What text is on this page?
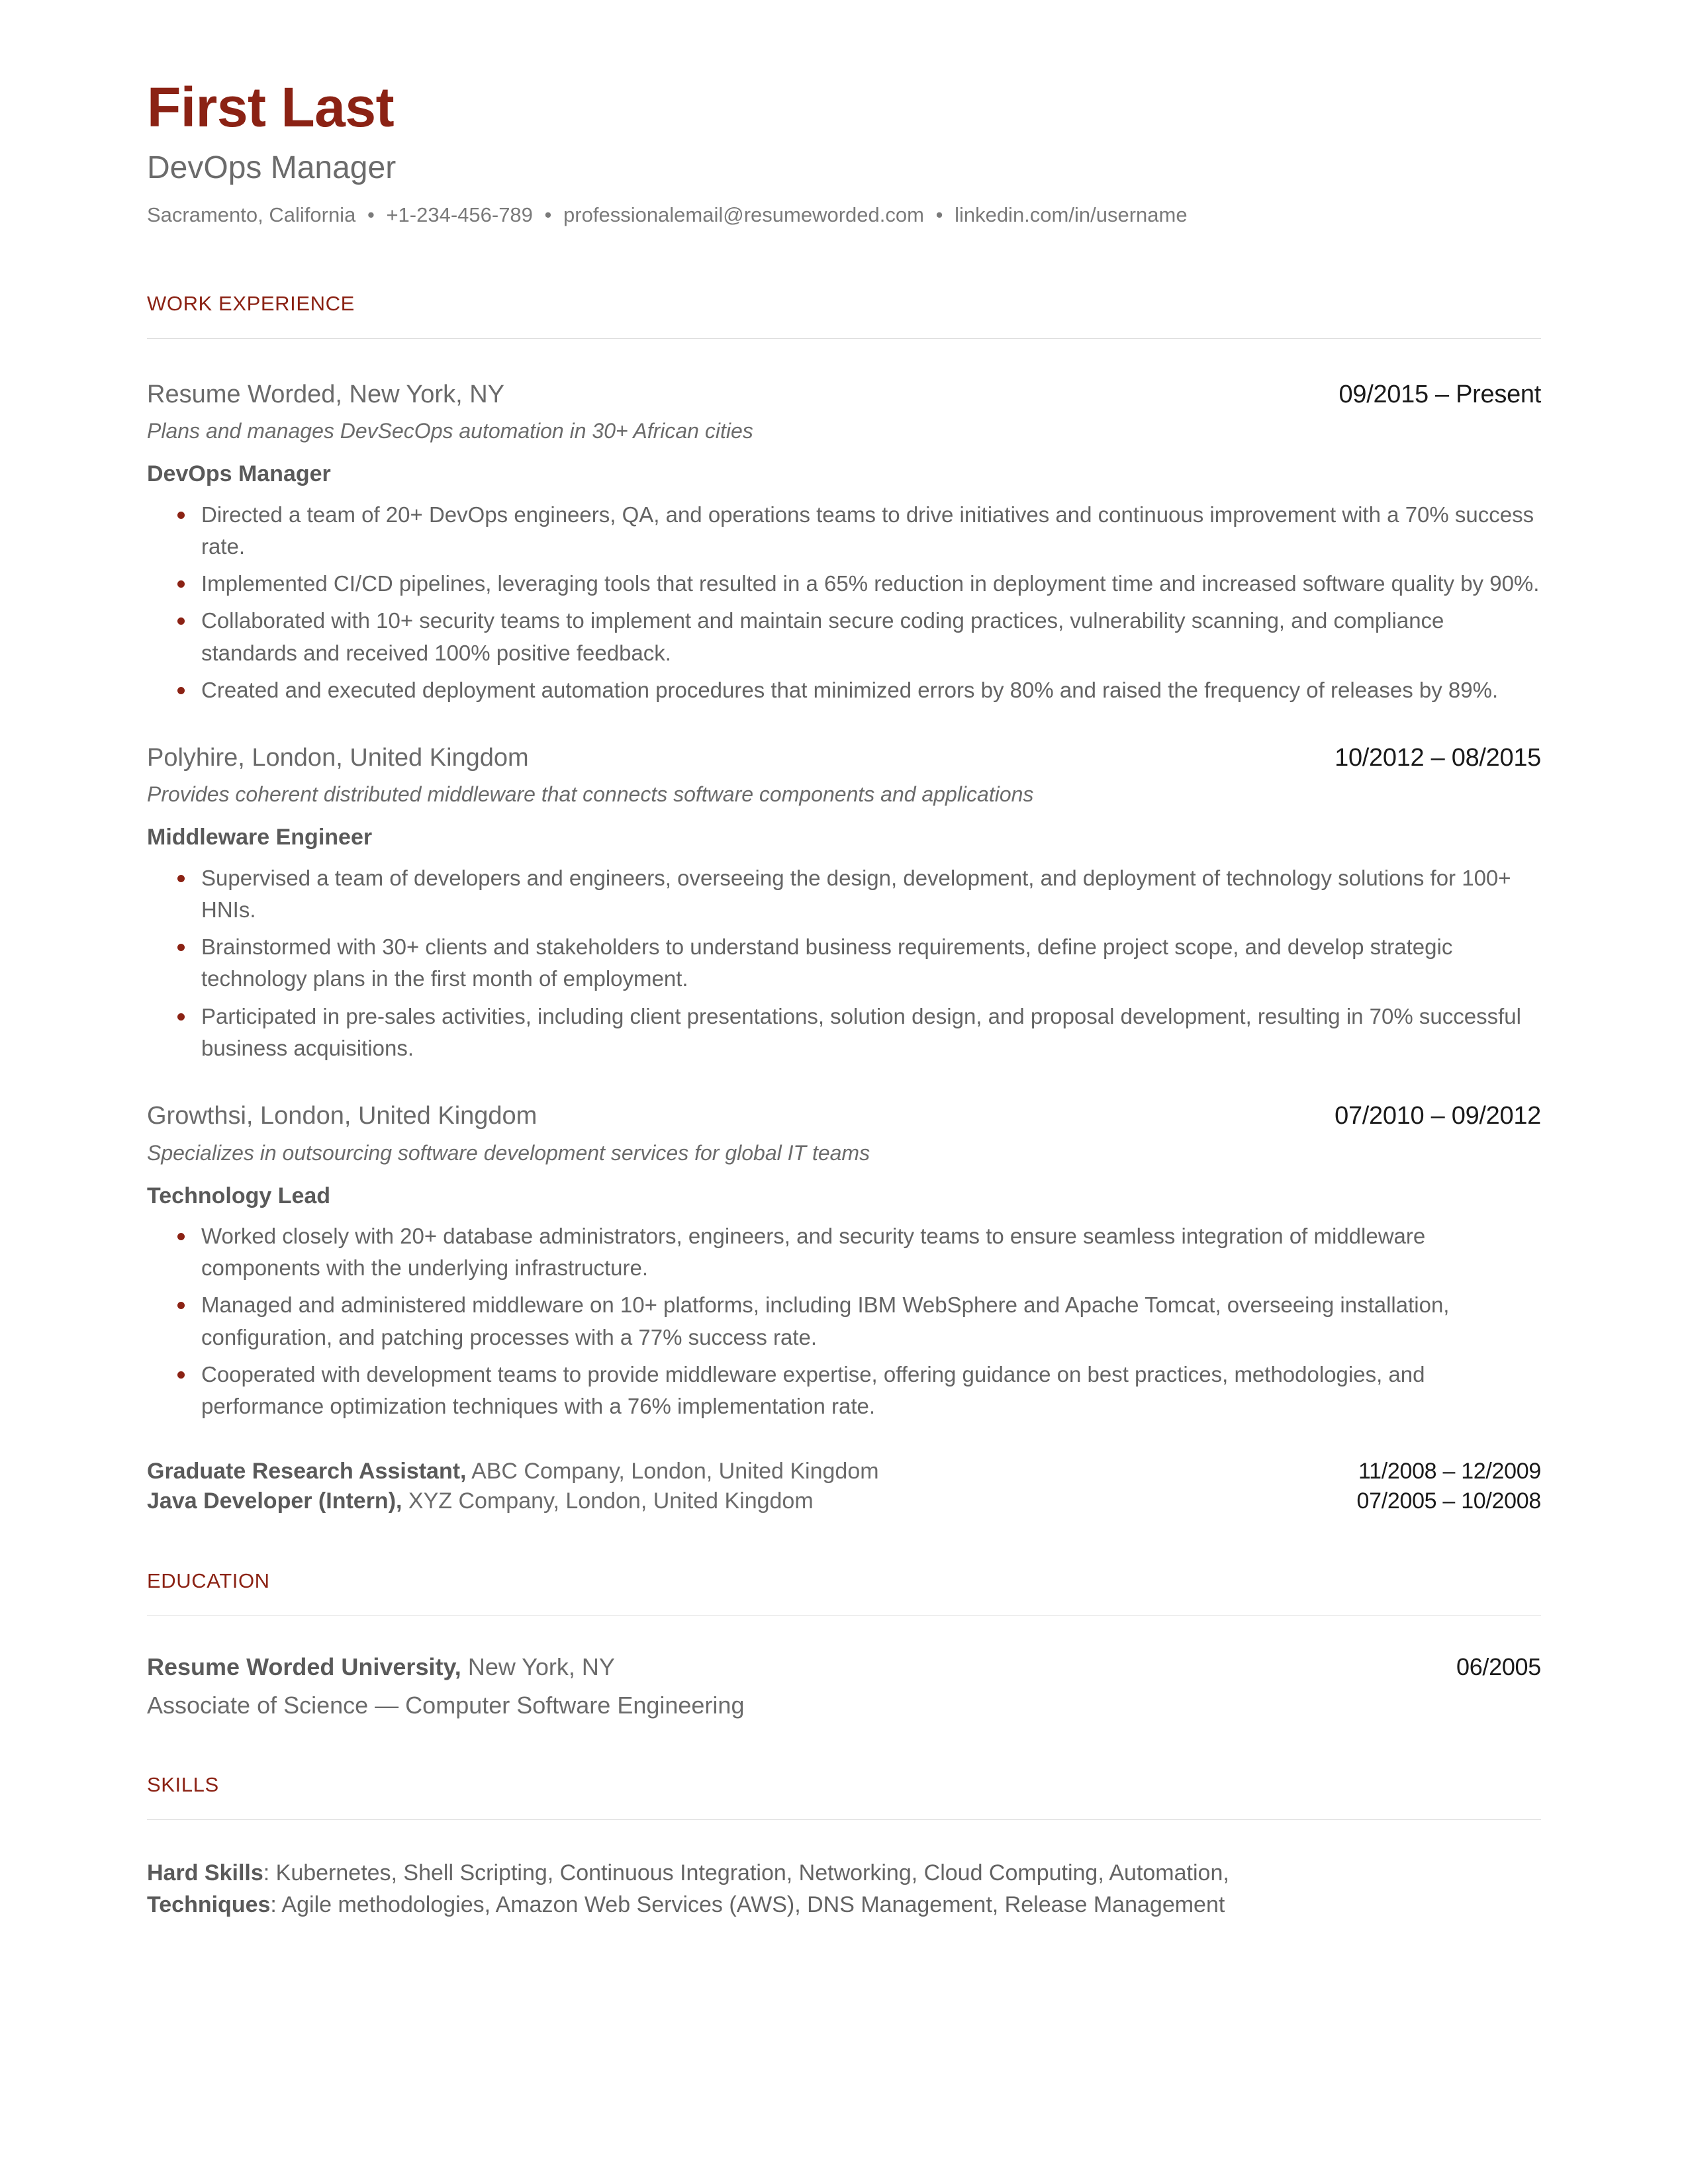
First Last
DevOps Manager
Sacramento, California • +1-234-456-789 • professionalemail@resumeworded.com • linkedin.com/in/username
WORK EXPERIENCE
Resume Worded, New York, NY	09/2015 – Present
Plans and manages DevSecOps automation in 30+ African cities
DevOps Manager
Directed a team of 20+ DevOps engineers, QA, and operations teams to drive initiatives and continuous improvement with a 70% success rate.
Implemented CI/CD pipelines, leveraging tools that resulted in a 65% reduction in deployment time and increased software quality by 90%.
Collaborated with 10+ security teams to implement and maintain secure coding practices, vulnerability scanning, and compliance standards and received 100% positive feedback.
Created and executed deployment automation procedures that minimized errors by 80% and raised the frequency of releases by 89%.
Polyhire, London, United Kingdom	10/2012 – 08/2015
Provides coherent distributed middleware that connects software components and applications
Middleware Engineer
Supervised a team of developers and engineers, overseeing the design, development, and deployment of technology solutions for 100+ HNIs.
Brainstormed with 30+ clients and stakeholders to understand business requirements, define project scope, and develop strategic technology plans in the first month of employment.
Participated in pre-sales activities, including client presentations, solution design, and proposal development, resulting in 70% successful business acquisitions.
Growthsi, London, United Kingdom	07/2010 – 09/2012
Specializes in outsourcing software development services for global IT teams
Technology Lead
Worked closely with 20+ database administrators, engineers, and security teams to ensure seamless integration of middleware components with the underlying infrastructure.
Managed and administered middleware on 10+ platforms, including IBM WebSphere and Apache Tomcat, overseeing installation, configuration, and patching processes with a 77% success rate.
Cooperated with development teams to provide middleware expertise, offering guidance on best practices, methodologies, and performance optimization techniques with a 76% implementation rate.
Graduate Research Assistant, ABC Company, London, United Kingdom	11/2008 – 12/2009
Java Developer (Intern), XYZ Company, London, United Kingdom	07/2005 – 10/2008
EDUCATION
Resume Worded University, New York, NY	06/2005
Associate of Science — Computer Software Engineering
SKILLS
Hard Skills: Kubernetes, Shell Scripting, Continuous Integration, Networking, Cloud Computing, Automation,
Techniques: Agile methodologies, Amazon Web Services (AWS), DNS Management, Release Management
